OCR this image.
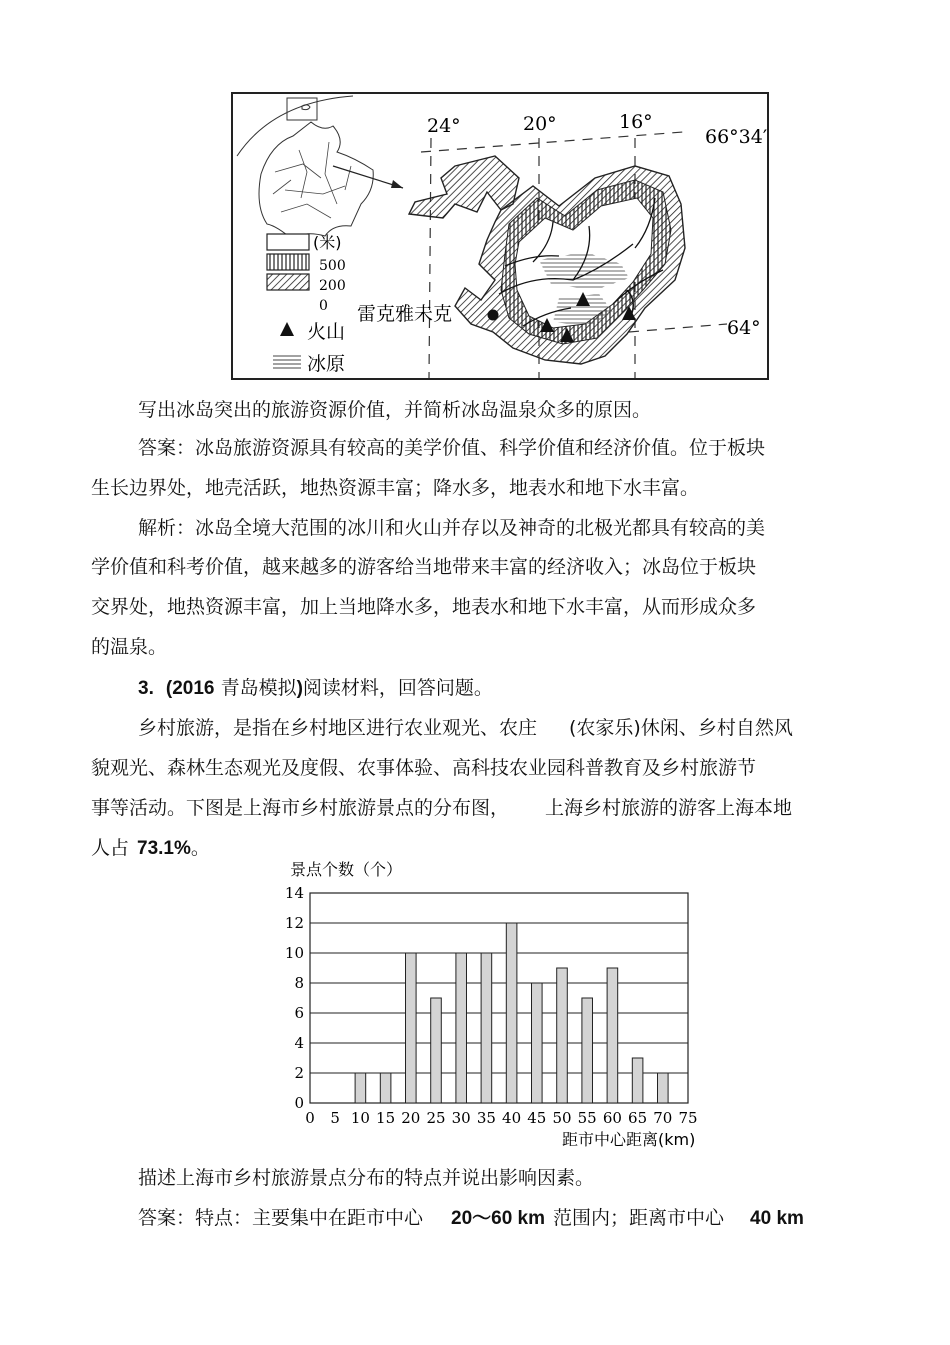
24°	20°	16°
66°34′
64°
雷克雅未克
(米)
500
200
0
火山
冰原
写出冰岛突出的旅游资源价值，并简析冰岛温泉众多的原因。
答案：冰岛旅游资源具有较高的美学价值、科学价值和经济价值。位于板块
生长边界处，地壳活跃，地热资源丰富；降水多，地表水和地下水丰富。
解析：冰岛全境大范围的冰川和火山并存以及神奇的北极光都具有较高的美
学价值和科考价值，越来越多的游客给当地带来丰富的经济收入；冰岛位于板块
交界处，地热资源丰富，加上当地降水多，地表水和地下水丰富，从而形成众多
的温泉。
3. (2016 青岛模拟)阅读材料，回答问题。
乡村旅游，是指在乡村地区进行农业观光、农庄 (农家乐)休闲、乡村自然风
貌观光、森林生态观光及度假、农事体验、高科技农业园科普教育及乡村旅游节
事等活动。下图是上海市乡村旅游景点的分布图， 上海乡村旅游的游客上海本地
人占 73.1%。
景点个数（个）
0
2
4
6
8
10
12
14
0 5 10 15 20 25 30 35 40 45 50 55 60 65 70 75
距市中心距离(km)
描述上海市乡村旅游景点分布的特点并说出影响因素。
答案：特点：主要集中在距市中心 20～60 km 范围内；距离市中心 40 km
